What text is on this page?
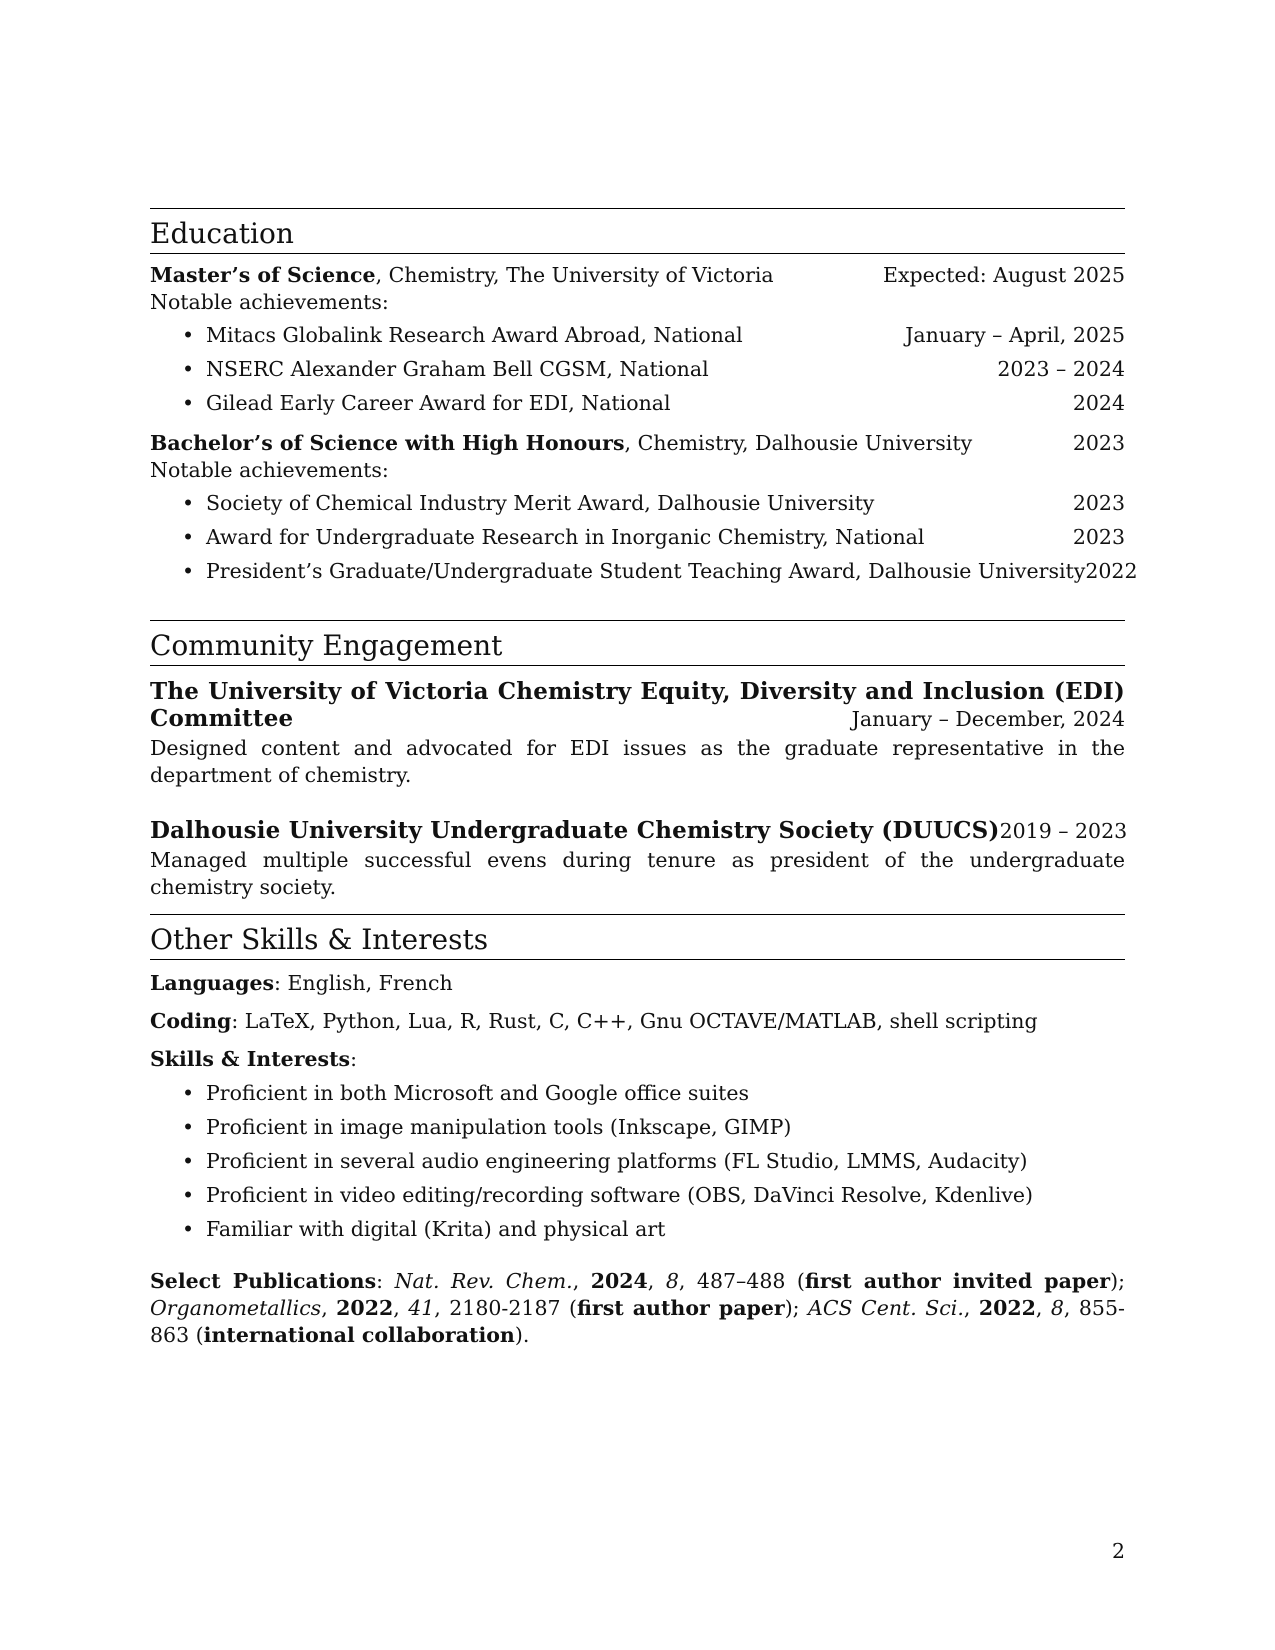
Education
Master’s of Science, Chemistry, The University of Victoria	Expected: August 2025
Notable achievements:
• Mitacs Globalink Research Award Abroad, National	January – April, 2025
• NSERC Alexander Graham Bell CGSM, National	2023 – 2024
• Gilead Early Career Award for EDI, National	2024
Bachelor’s of Science with High Honours, Chemistry, Dalhousie University	2023
Notable achievements:
• Society of Chemical Industry Merit Award, Dalhousie University	2023
• Award for Undergraduate Research in Inorganic Chemistry, National	2023
• President’s Graduate/Undergraduate Student Teaching Award, Dalhousie University 2022
Community Engagement
The University of Victoria Chemistry Equity, Diversity and Inclusion (EDI)
Committee	January – December, 2024
Designed content and advocated for EDI issues as the graduate representative in the department of chemistry.
Dalhousie University Undergraduate Chemistry Society (DUUCS) 2019 – 2023
Managed multiple successful evens during tenure as president of the undergraduate chemistry society.
Other Skills & Interests
Languages: English, French
Coding: LaTeX, Python, Lua, R, Rust, C, C++, Gnu OCTAVE/MATLAB, shell scripting
Skills & Interests:
• Proficient in both Microsoft and Google office suites
• Proficient in image manipulation tools (Inkscape, GIMP)
• Proficient in several audio engineering platforms (FL Studio, LMMS, Audacity)
• Proficient in video editing/recording software (OBS, DaVinci Resolve, Kdenlive)
• Familiar with digital (Krita) and physical art
Select Publications: Nat. Rev. Chem., 2024, 8, 487–488 (first author invited paper); Organometallics, 2022, 41, 2180-2187 (first author paper); ACS Cent. Sci., 2022, 8, 855-863 (international collaboration).
2
